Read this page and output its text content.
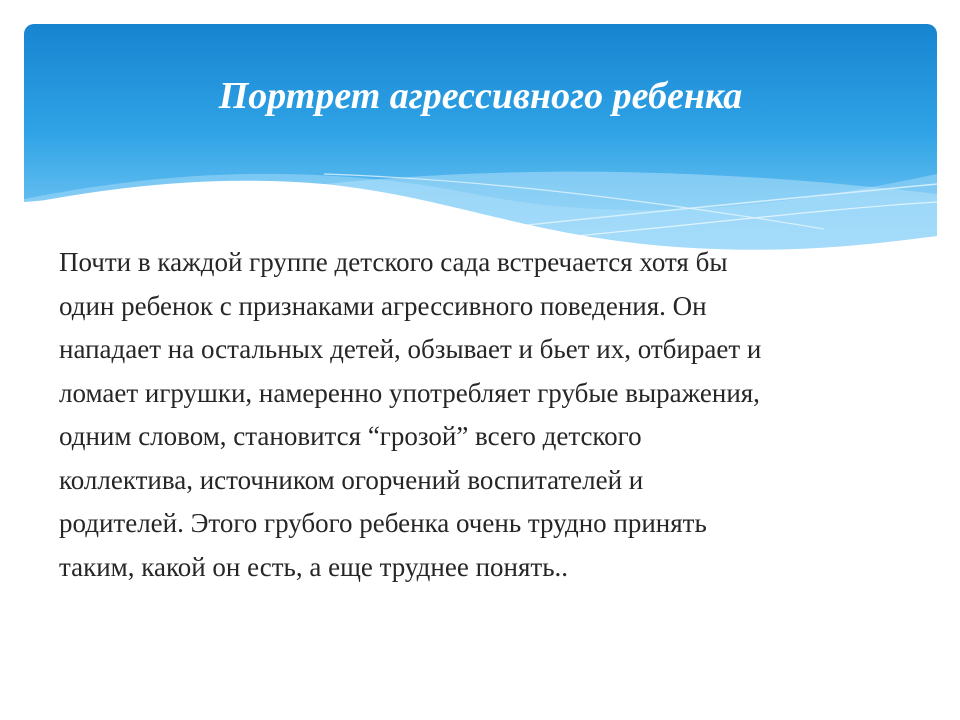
Портрет агрессивного ребенка
Почти в каждой группе детского сада встречается хотя бы
один ребенок с признаками агрессивного поведения. Он
нападает на остальных детей, обзывает и бьет их, отбирает и
ломает игрушки, намеренно употребляет грубые выражения,
одним словом, становится “грозой” всего детского
коллектива, источником огорчений воспитателей и
родителей. Этого грубого ребенка очень трудно принять
таким, какой он есть, а еще труднее понять..
